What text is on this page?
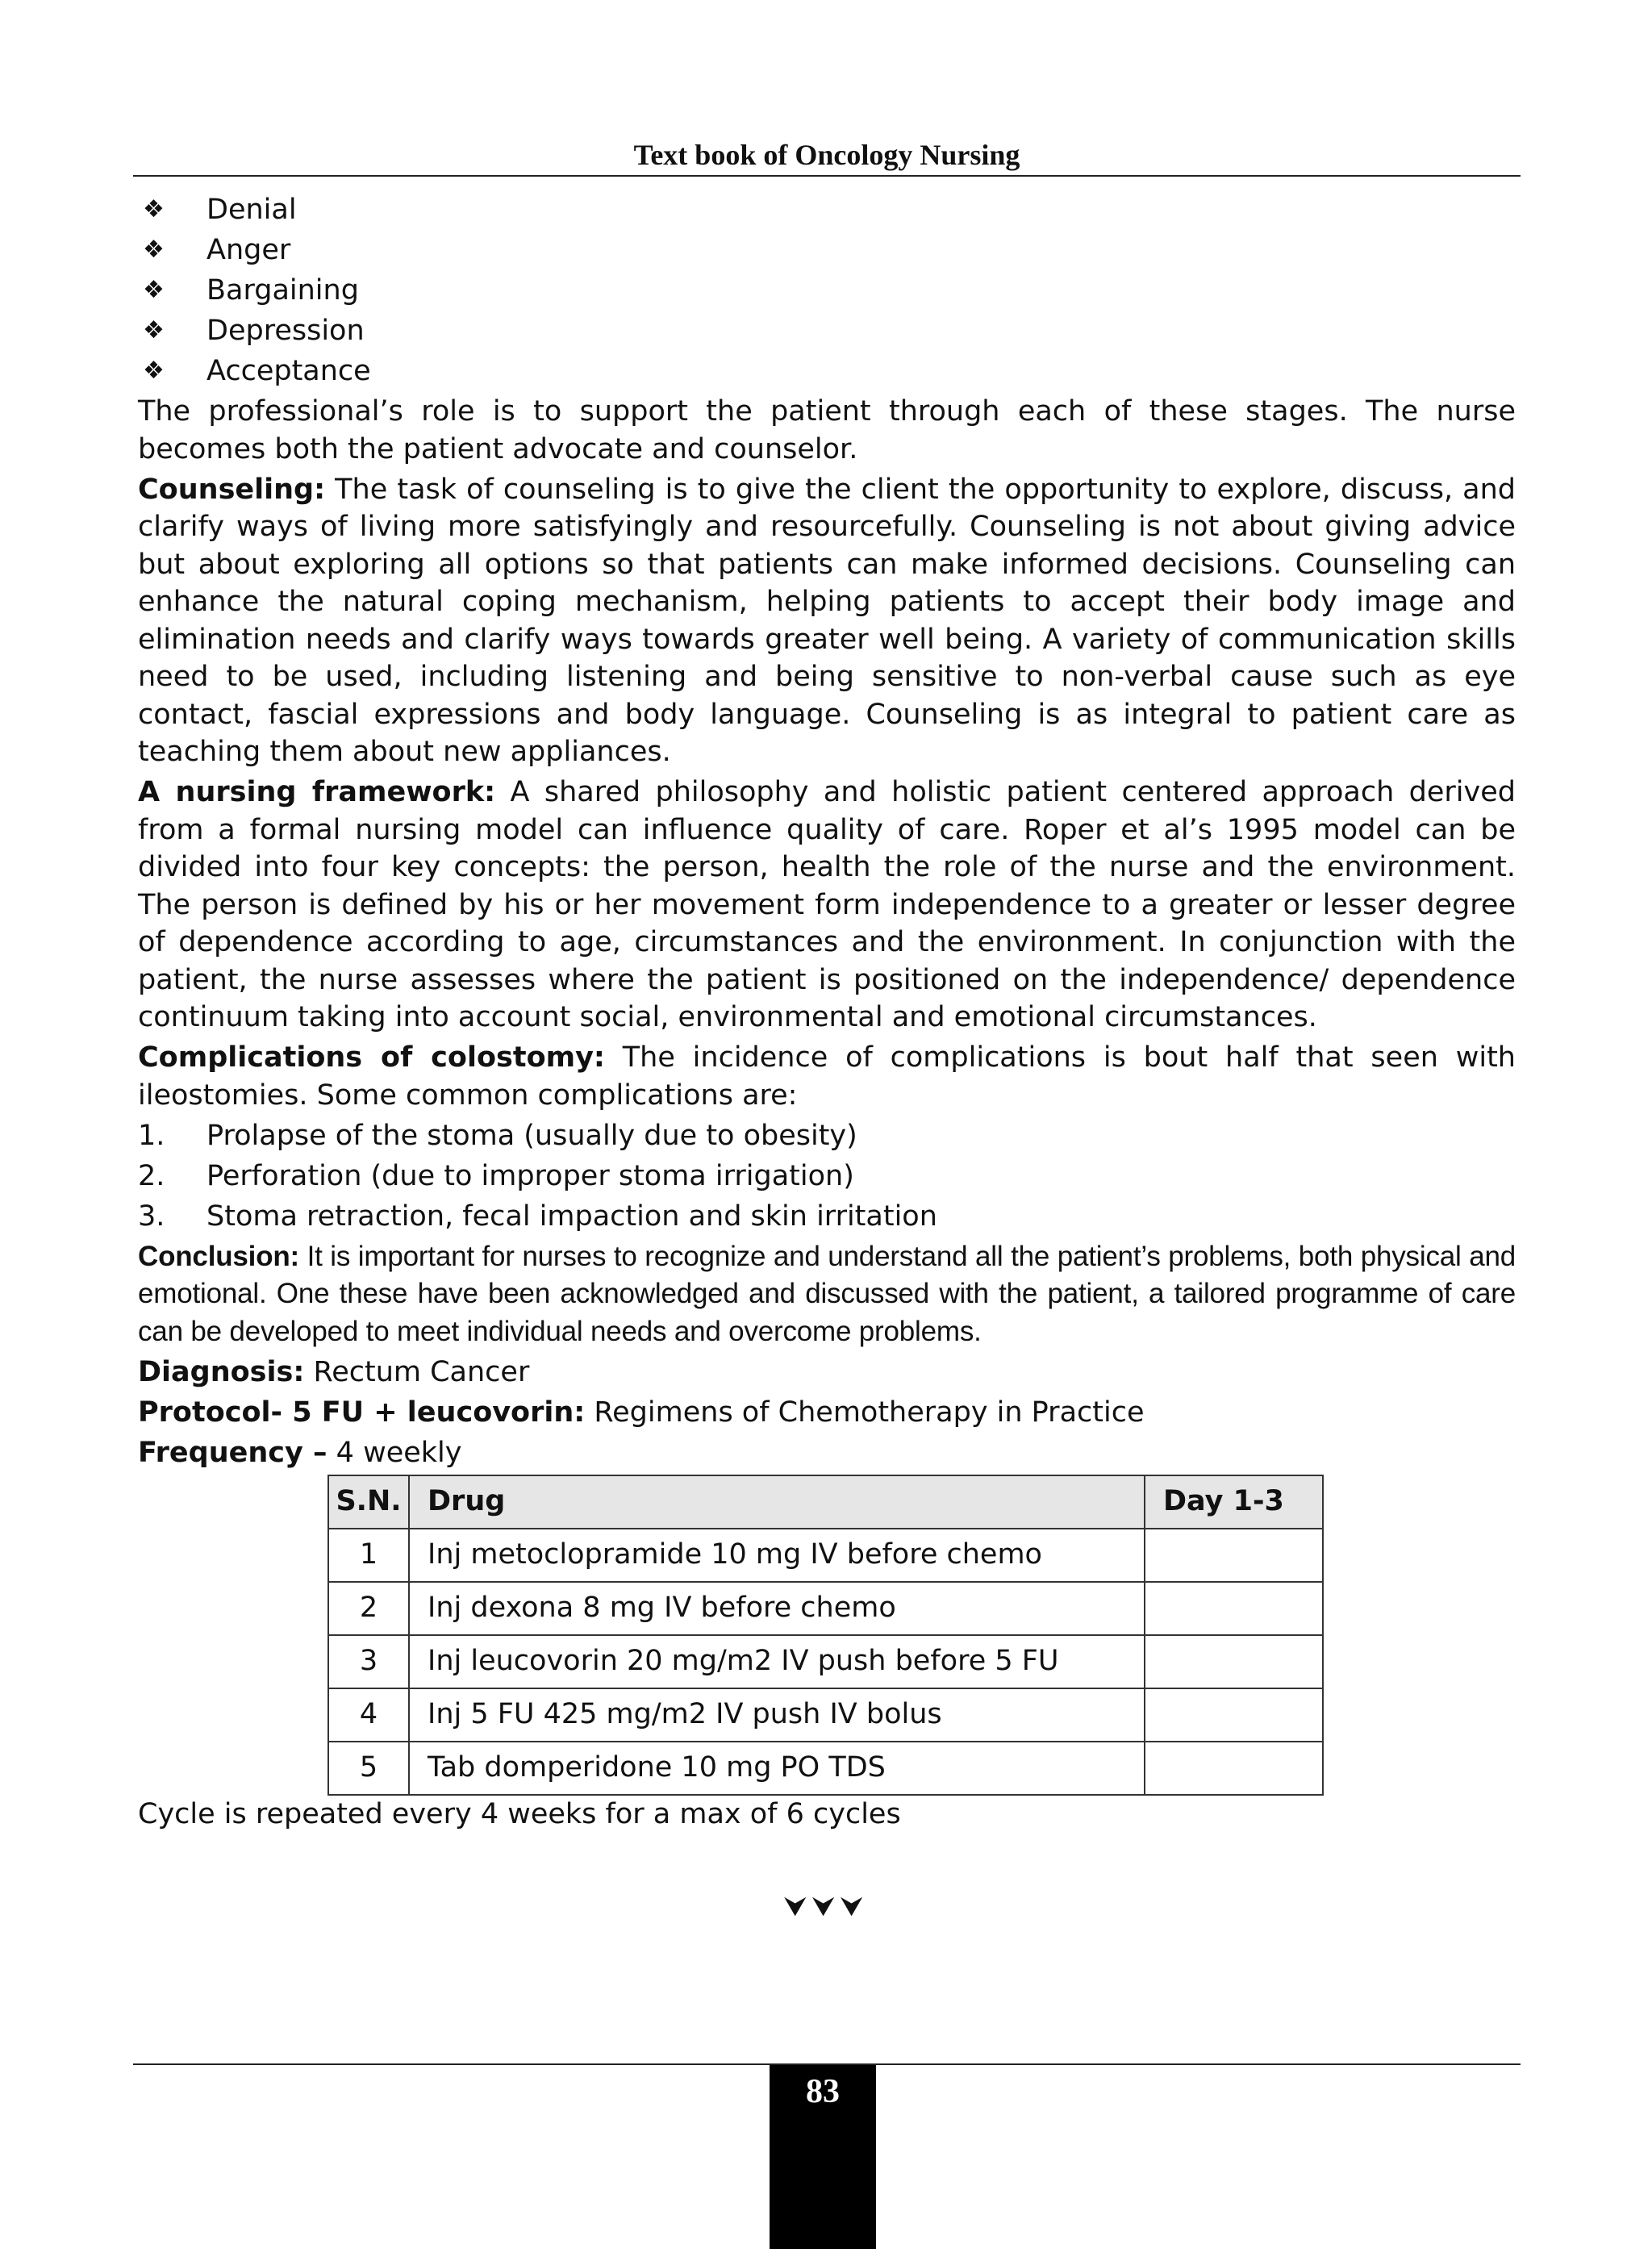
Text book of Oncology Nursing
❖ Denial
❖ Anger
❖ Bargaining
❖ Depression
❖ Acceptance

The professional’s role is to support the patient through each of these stages. The nurse becomes both the patient advocate and counselor.

Counseling: The task of counseling is to give the client the opportunity to explore, discuss, and clarify ways of living more satisfyingly and resourcefully. Counseling is not about giving advice but about exploring all options so that patients can make informed decisions. Counseling can enhance the natural coping mechanism, helping patients to accept their body image and elimination needs and clarify ways towards greater well being. A variety of communication skills need to be used, including listening and being sensitive to non-verbal cause such as eye contact, fascial expressions and body language. Counseling is as integral to patient care as teaching them about new appliances.

A nursing framework: A shared philosophy and holistic patient centered approach derived from a formal nursing model can influence quality of care. Roper et al’s 1995 model can be divided into four key concepts: the person, health the role of the nurse and the environment. The person is defined by his or her movement form independence to a greater or lesser degree of dependence according to age, circumstances and the environment. In conjunction with the patient, the nurse assesses where the patient is positioned on the independence/ dependence continuum taking into account social, environmental and emotional circumstances.

Complications of colostomy: The incidence of complications is bout half that seen with ileostomies. Some common complications are:

1. Prolapse of the stoma (usually due to obesity)
2. Perforation (due to improper stoma irrigation)
3. Stoma retraction, fecal impaction and skin irritation

Conclusion: It is important for nurses to recognize and understand all the patient’s problems, both physical and emotional. One these have been acknowledged and discussed with the patient, a tailored programme of care can be developed to meet individual needs and overcome problems.

Diagnosis: Rectum Cancer

Protocol- 5 FU + leucovorin: Regimens of Chemotherapy in Practice

Frequency – 4 weekly

S.N.	Drug	Day 1-3
1	Inj metoclopramide 10 mg IV before chemo	
2	Inj dexona 8 mg IV before chemo	
3	Inj leucovorin 20 mg/m2 IV push before 5 FU	
4	Inj 5 FU 425 mg/m2 IV push IV bolus	
5	Tab domperidone 10 mg PO TDS	

Cycle is repeated every 4 weeks for a max of 6 cycles

⮟⮟⮟
83
